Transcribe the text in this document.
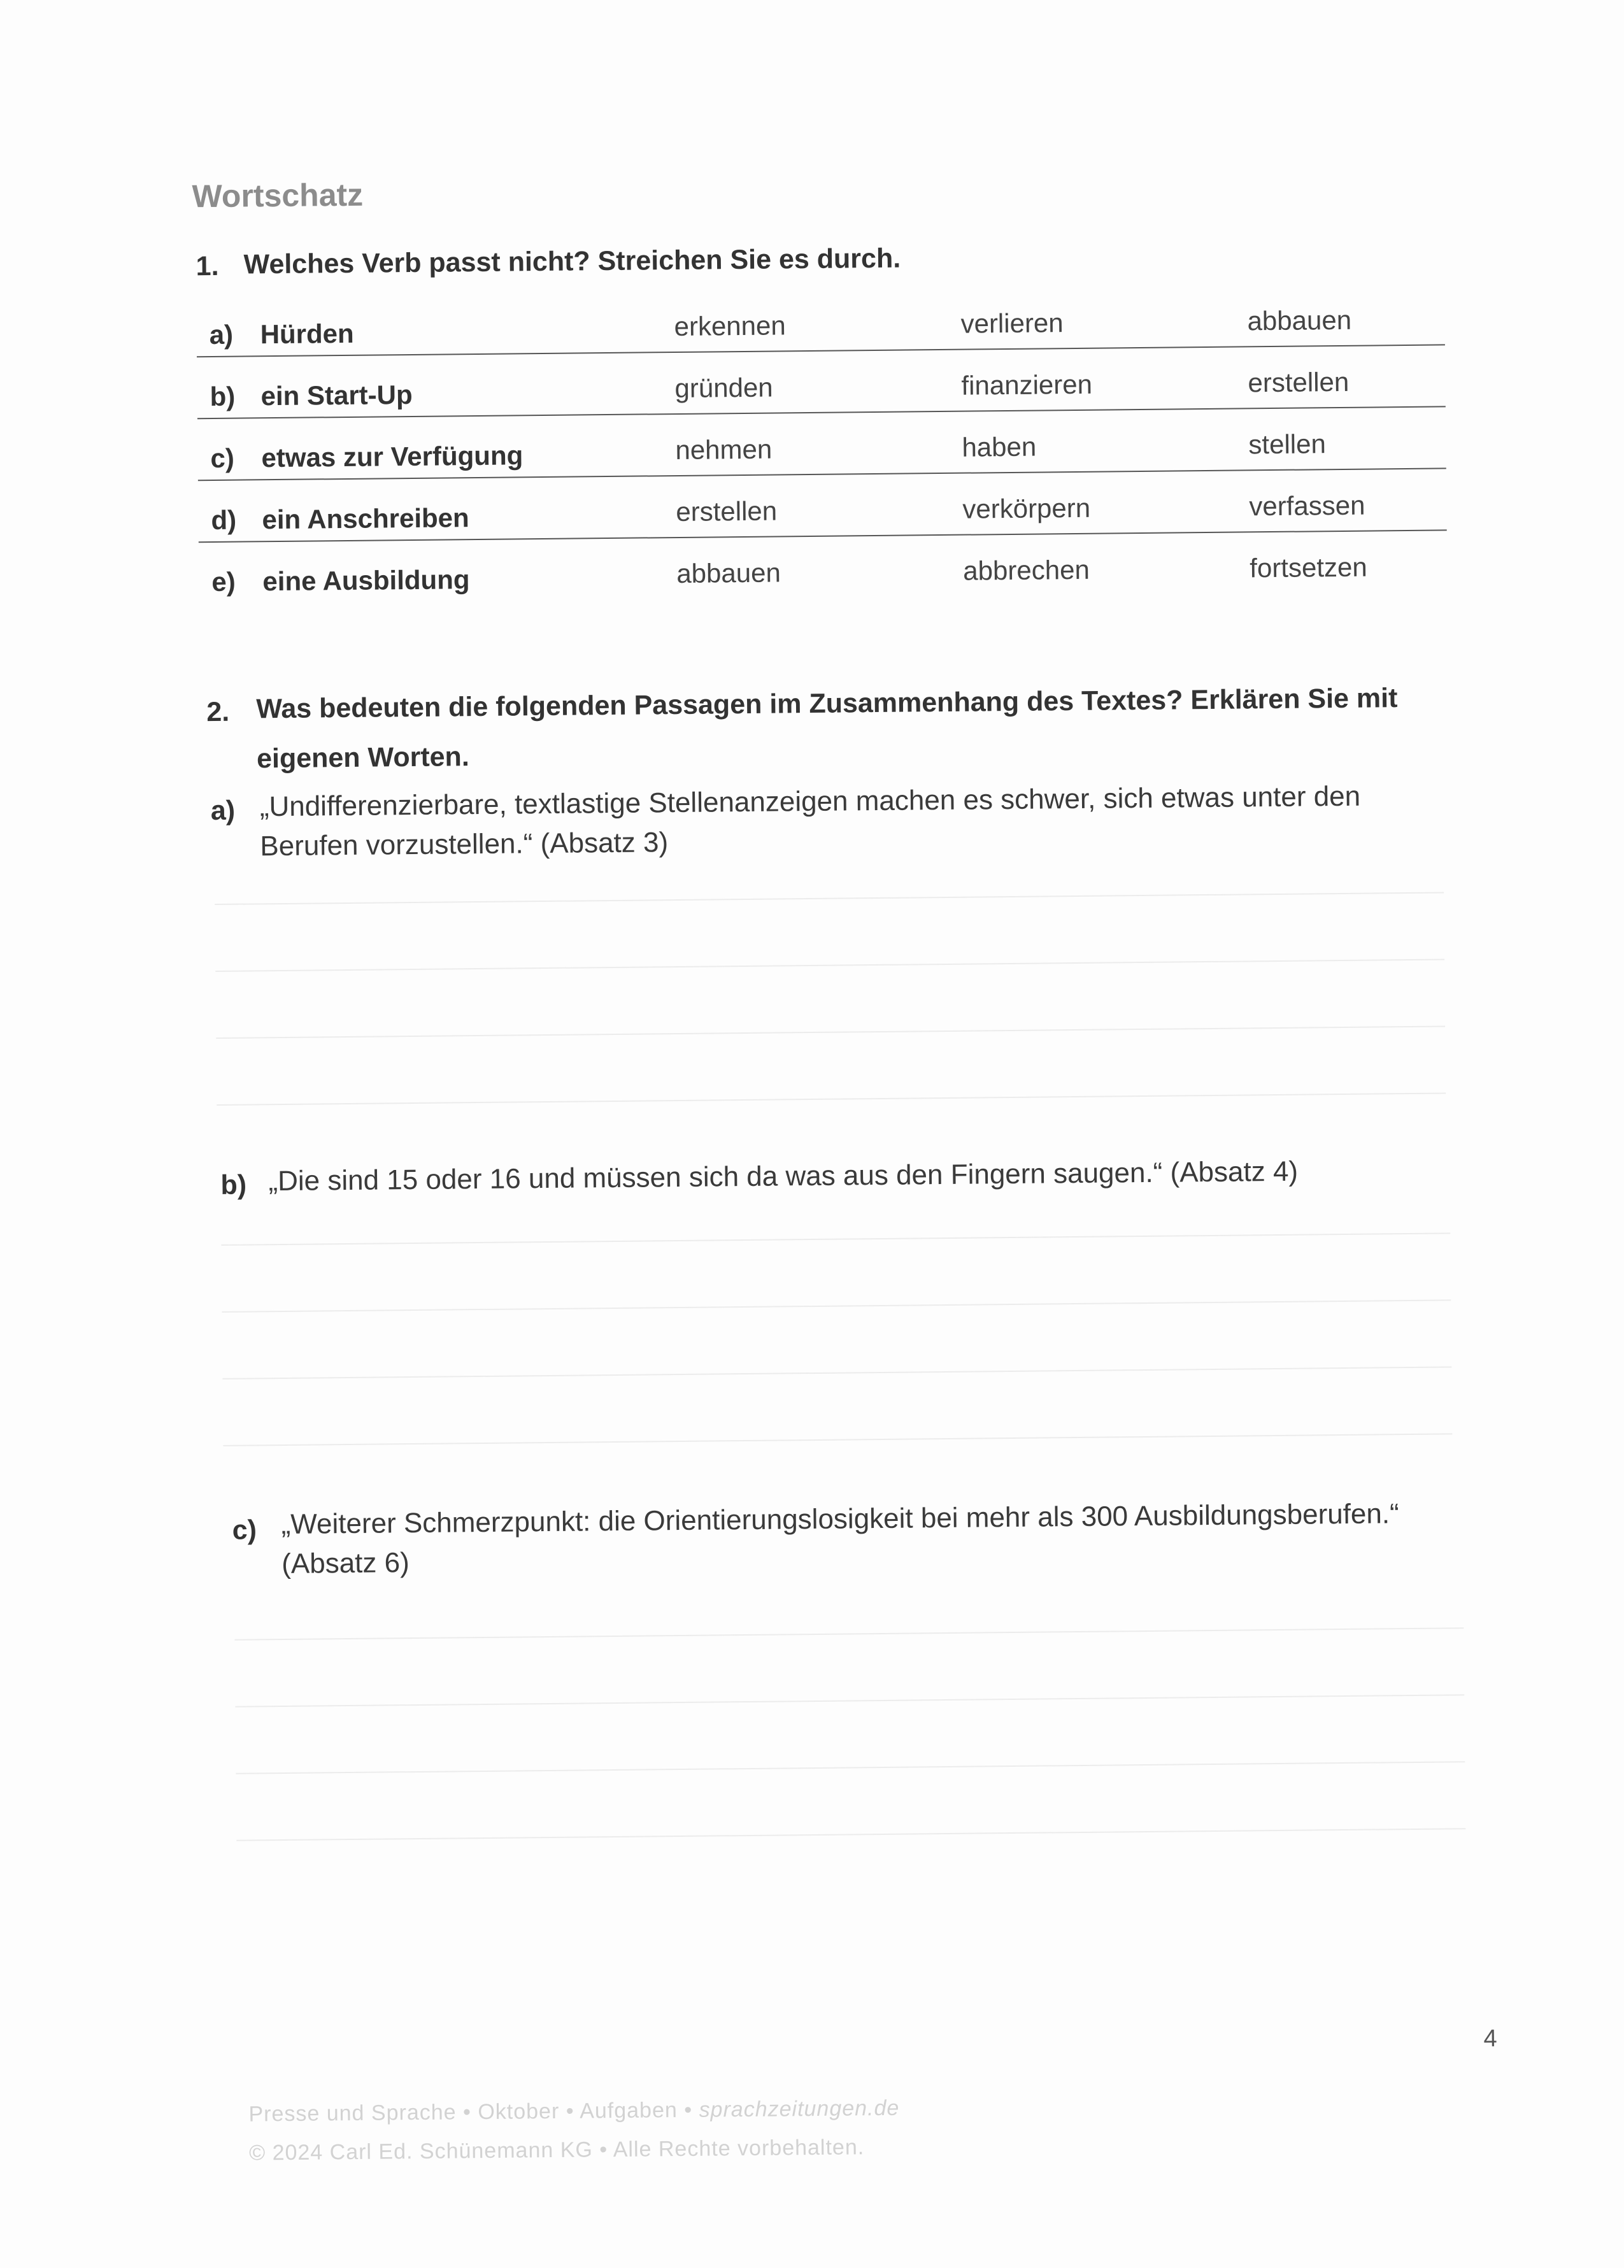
Wortschatz
1. Welches Verb passt nicht? Streichen Sie es durch.
a) Hürden	erkennen	verlieren	abbauen
b) ein Start-Up	gründen	finanzieren	erstellen
c) etwas zur Verfügung	nehmen	haben	stellen
d) ein Anschreiben	erstellen	verkörpern	verfassen
e) eine Ausbildung	abbauen	abbrechen	fortsetzen
2. Was bedeuten die folgenden Passagen im Zusammenhang des Textes? Erklären Sie mit eigenen Worten.
a) „Undifferenzierbare, textlastige Stellenanzeigen machen es schwer, sich etwas unter den Berufen vorzustellen.“ (Absatz 3)
b) „Die sind 15 oder 16 und müssen sich da was aus den Fingern saugen.“ (Absatz 4)
c) „Weiterer Schmerzpunkt: die Orientierungslosigkeit bei mehr als 300 Ausbildungsberufen.“ (Absatz 6)
4
Presse und Sprache • Oktober • Aufgaben • sprachzeitungen.de
© 2024 Carl Ed. Schünemann KG • Alle Rechte vorbehalten.
